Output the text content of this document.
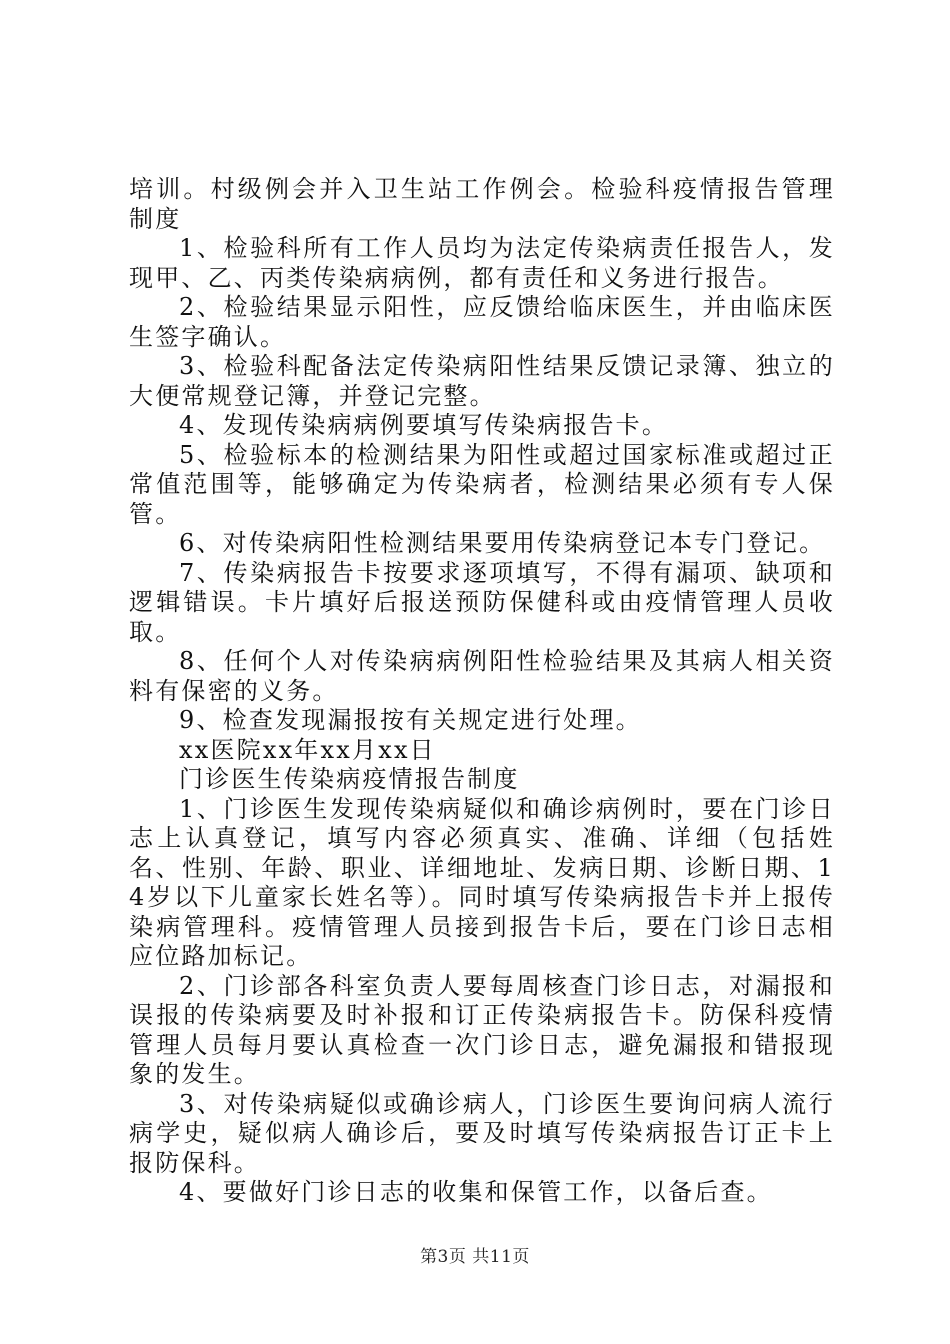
培训。村级例会并入卫生站工作例会。检验科疫情报告管理制度

1、检验科所有工作人员均为法定传染病责任报告人，发现甲、乙、丙类传染病病例，都有责任和义务进行报告。

2、检验结果显示阳性，应反馈给临床医生，并由临床医生签字确认。

3、检验科配备法定传染病阳性结果反馈记录簿、独立的大便常规登记簿，并登记完整。

4、发现传染病病例要填写传染病报告卡。

5、检验标本的检测结果为阳性或超过国家标准或超过正常值范围等，能够确定为传染病者，检测结果必须有专人保管。

6、对传染病阳性检测结果要用传染病登记本专门登记。

7、传染病报告卡按要求逐项填写，不得有漏项、缺项和逻辑错误。卡片填好后报送预防保健科或由疫情管理人员收取。

8、任何个人对传染病病例阳性检验结果及其病人相关资料有保密的义务。

9、检查发现漏报按有关规定进行处理。

xx医院xx年xx月xx日

门诊医生传染病疫情报告制度

1、门诊医生发现传染病疑似和确诊病例时，要在门诊日志上认真登记，填写内容必须真实、准确、详细（包括姓名、性别、年龄、职业、详细地址、发病日期、诊断日期、14岁以下儿童家长姓名等）。同时填写传染病报告卡并上报传染病管理科。疫情管理人员接到报告卡后，要在门诊日志相应位路加标记。

2、门诊部各科室负责人要每周核查门诊日志，对漏报和误报的传染病要及时补报和订正传染病报告卡。防保科疫情管理人员每月要认真检查一次门诊日志，避免漏报和错报现象的发生。

3、对传染病疑似或确诊病人，门诊医生要询问病人流行病学史，疑似病人确诊后，要及时填写传染病报告订正卡上报防保科。

4、要做好门诊日志的收集和保管工作，以备后查。

第3页 共11页
